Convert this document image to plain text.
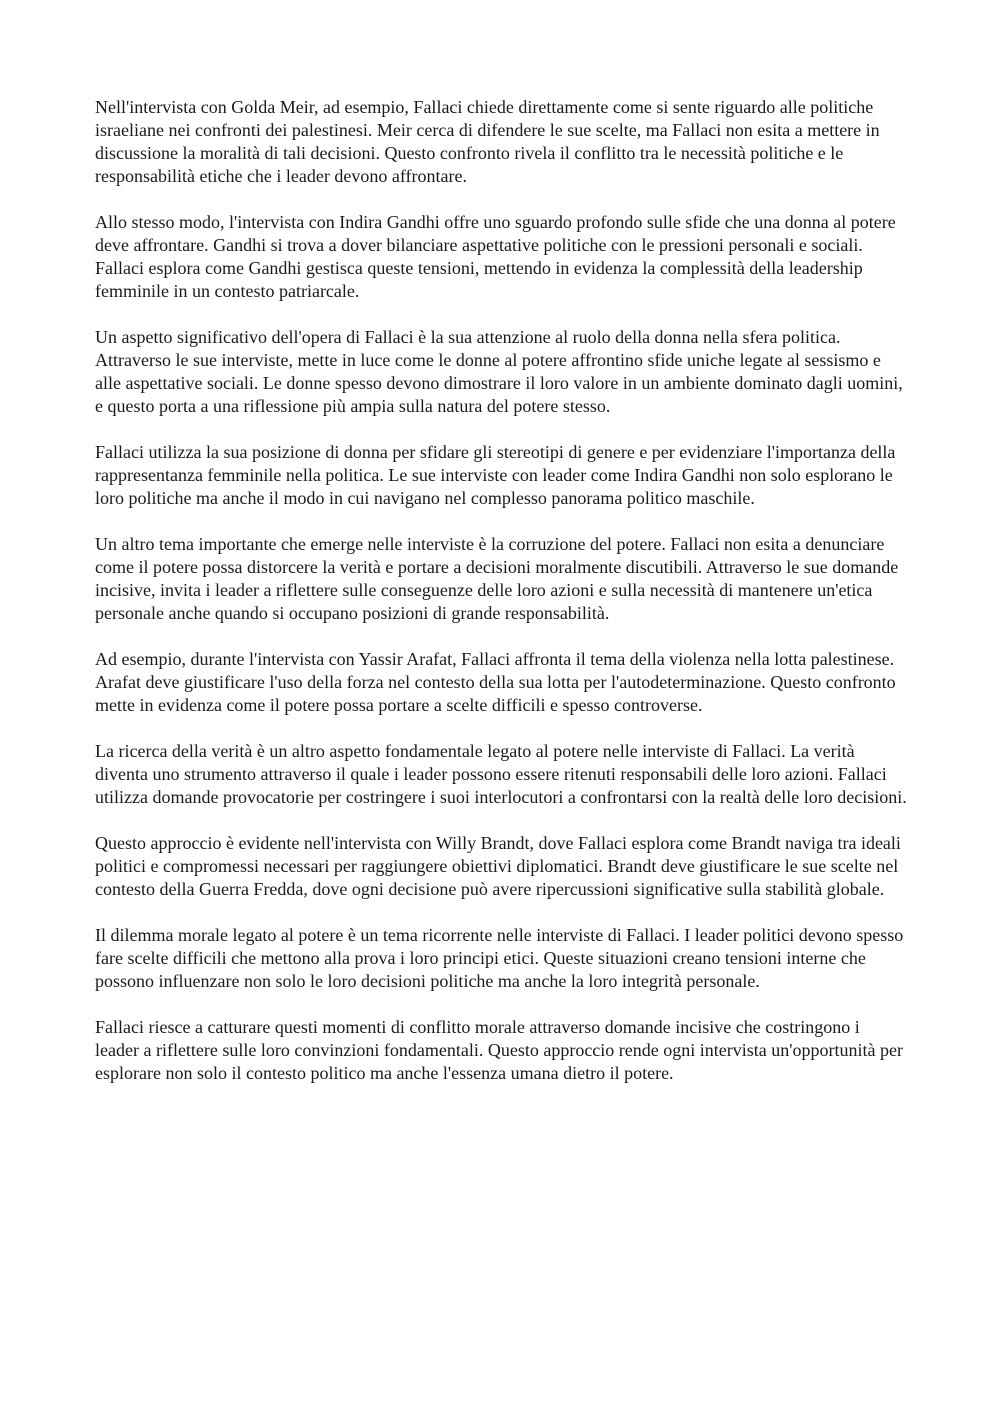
Nell'intervista con Golda Meir, ad esempio, Fallaci chiede direttamente come si sente riguardo alle politiche israeliane nei confronti dei palestinesi. Meir cerca di difendere le sue scelte, ma Fallaci non esita a mettere in discussione la moralità di tali decisioni. Questo confronto rivela il conflitto tra le necessità politiche e le responsabilità etiche che i leader devono affrontare.

Allo stesso modo, l'intervista con Indira Gandhi offre uno sguardo profondo sulle sfide che una donna al potere deve affrontare. Gandhi si trova a dover bilanciare aspettative politiche con le pressioni personali e sociali. Fallaci esplora come Gandhi gestisca queste tensioni, mettendo in evidenza la complessità della leadership femminile in un contesto patriarcale.

Un aspetto significativo dell'opera di Fallaci è la sua attenzione al ruolo della donna nella sfera politica. Attraverso le sue interviste, mette in luce come le donne al potere affrontino sfide uniche legate al sessismo e alle aspettative sociali. Le donne spesso devono dimostrare il loro valore in un ambiente dominato dagli uomini, e questo porta a una riflessione più ampia sulla natura del potere stesso.

Fallaci utilizza la sua posizione di donna per sfidare gli stereotipi di genere e per evidenziare l'importanza della rappresentanza femminile nella politica. Le sue interviste con leader come Indira Gandhi non solo esplorano le loro politiche ma anche il modo in cui navigano nel complesso panorama politico maschile.

Un altro tema importante che emerge nelle interviste è la corruzione del potere. Fallaci non esita a denunciare come il potere possa distorcere la verità e portare a decisioni moralmente discutibili. Attraverso le sue domande incisive, invita i leader a riflettere sulle conseguenze delle loro azioni e sulla necessità di mantenere un'etica personale anche quando si occupano posizioni di grande responsabilità.

Ad esempio, durante l'intervista con Yassir Arafat, Fallaci affronta il tema della violenza nella lotta palestinese. Arafat deve giustificare l'uso della forza nel contesto della sua lotta per l'autodeterminazione. Questo confronto mette in evidenza come il potere possa portare a scelte difficili e spesso controverse.

La ricerca della verità è un altro aspetto fondamentale legato al potere nelle interviste di Fallaci. La verità diventa uno strumento attraverso il quale i leader possono essere ritenuti responsabili delle loro azioni. Fallaci utilizza domande provocatorie per costringere i suoi interlocutori a confrontarsi con la realtà delle loro decisioni.

Questo approccio è evidente nell'intervista con Willy Brandt, dove Fallaci esplora come Brandt naviga tra ideali politici e compromessi necessari per raggiungere obiettivi diplomatici. Brandt deve giustificare le sue scelte nel contesto della Guerra Fredda, dove ogni decisione può avere ripercussioni significative sulla stabilità globale.

Il dilemma morale legato al potere è un tema ricorrente nelle interviste di Fallaci. I leader politici devono spesso fare scelte difficili che mettono alla prova i loro principi etici. Queste situazioni creano tensioni interne che possono influenzare non solo le loro decisioni politiche ma anche la loro integrità personale.

Fallaci riesce a catturare questi momenti di conflitto morale attraverso domande incisive che costringono i leader a riflettere sulle loro convinzioni fondamentali. Questo approccio rende ogni intervista un'opportunità per esplorare non solo il contesto politico ma anche l'essenza umana dietro il potere.
